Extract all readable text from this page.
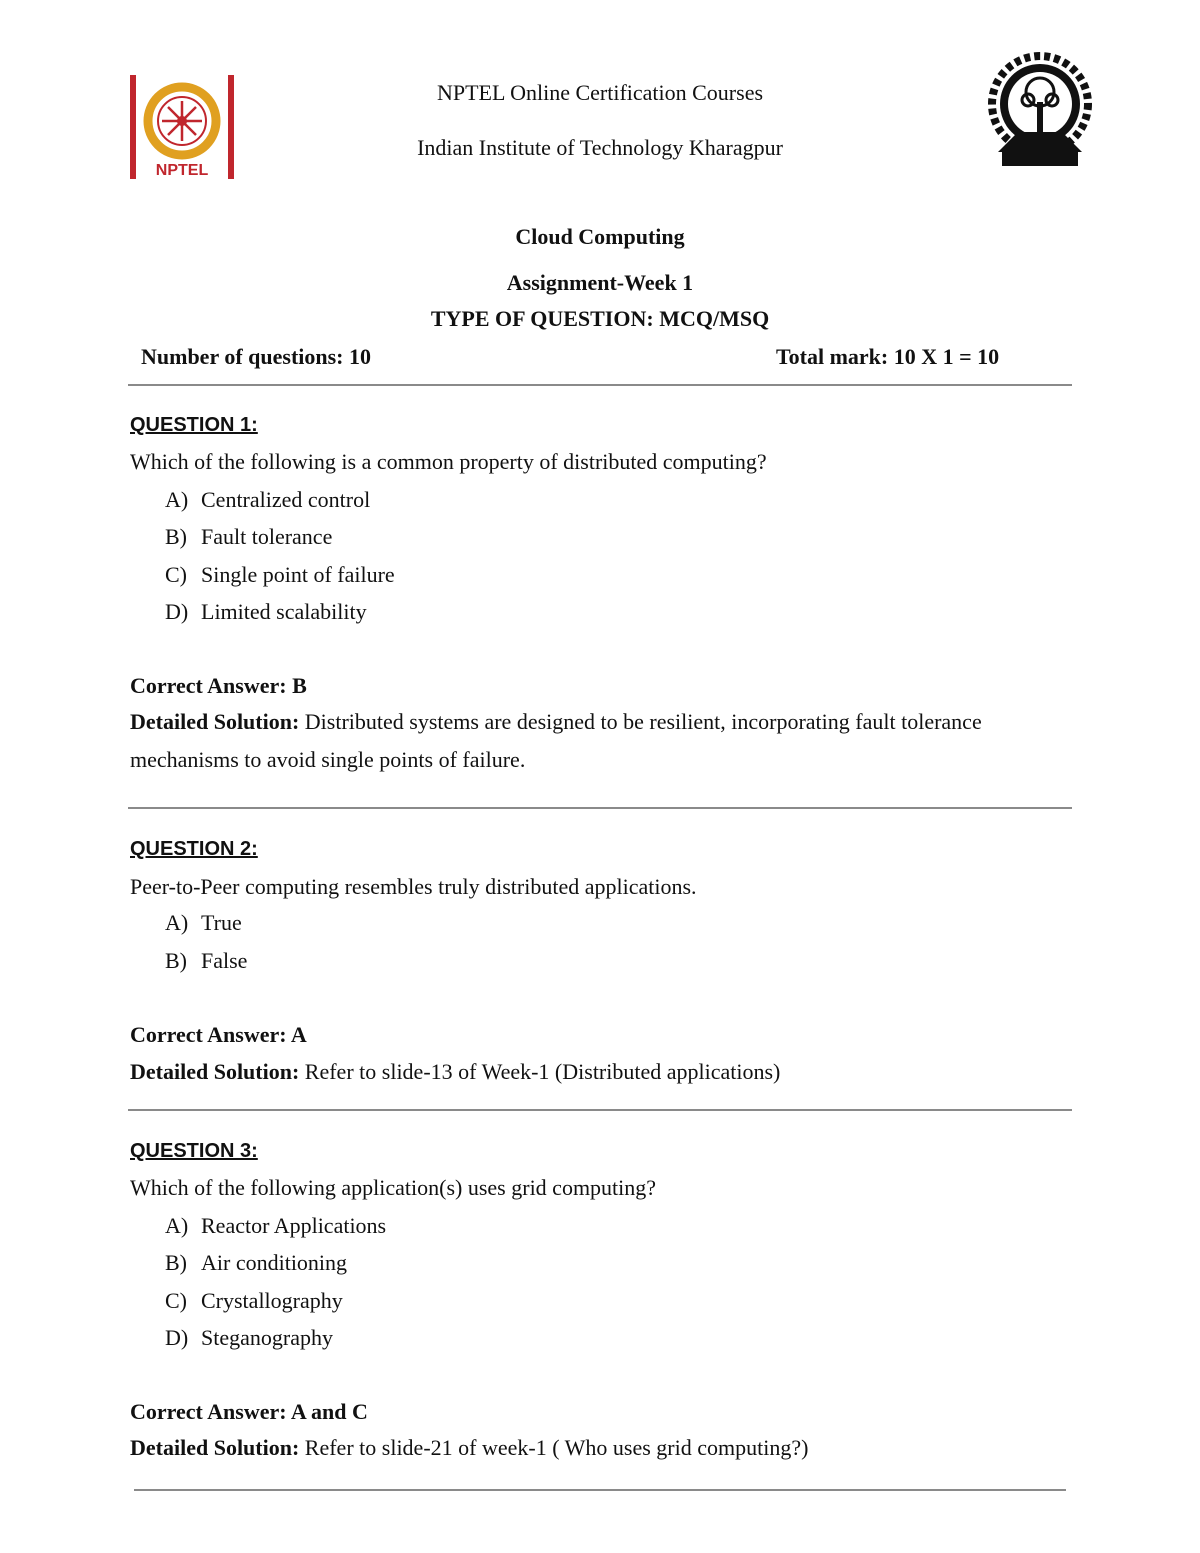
NPTEL
NPTEL Online Certification Courses
Indian Institute of Technology Kharagpur
Cloud Computing
Assignment-Week 1
TYPE OF QUESTION: MCQ/MSQ
Number of questions: 10	Total mark: 10 X 1 = 10
QUESTION 1:
Which of the following is a common property of distributed computing?
A) Centralized control
B) Fault tolerance
C) Single point of failure
D) Limited scalability
Correct Answer: B
Detailed Solution: Distributed systems are designed to be resilient, incorporating fault tolerance mechanisms to avoid single points of failure.
QUESTION 2:
Peer-to-Peer computing resembles truly distributed applications.
A) True
B) False
Correct Answer: A
Detailed Solution: Refer to slide-13 of Week-1 (Distributed applications)
QUESTION 3:
Which of the following application(s) uses grid computing?
A) Reactor Applications
B) Air conditioning
C) Crystallography
D) Steganography
Correct Answer: A and C
Detailed Solution: Refer to slide-21 of week-1 ( Who uses grid computing?)
